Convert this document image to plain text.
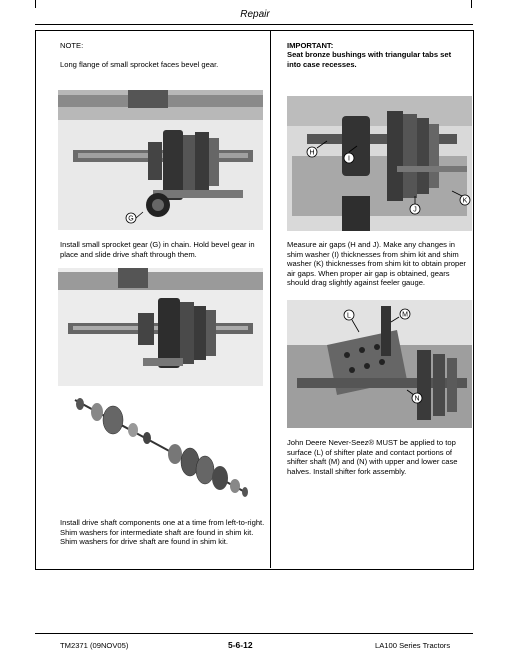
Repair
NOTE:
Long flange of small sprocket faces bevel gear.
G
Install small sprocket gear (G) in chain. Hold bevel gear in place and slide drive shaft through them.
Install drive shaft components one at a time from left-to-right.
Shim washers for intermediate shaft are found in shim kit.
Shim washers for drive shaft are found in shim kit.
IMPORTANT:
Seat bronze bushings with triangular tabs set into case recesses.
H
I
J
K
Measure air gaps (H and J). Make any changes in shim washer (I) thicknesses from shim kit and shim washer (K) thicknesses from shim kit to obtain proper air gaps. When proper air gap is obtained, gears should drag slightly against feeler gauge.
L	M
N
John Deere Never-Seez® MUST be applied to top surface (L) of shifter plate and contact portions of shifter shaft (M) and (N) with upper and lower case halves. Install shifter fork assembly.
TM2371 (09NOV05)	5-6-12	LA100 Series Tractors
